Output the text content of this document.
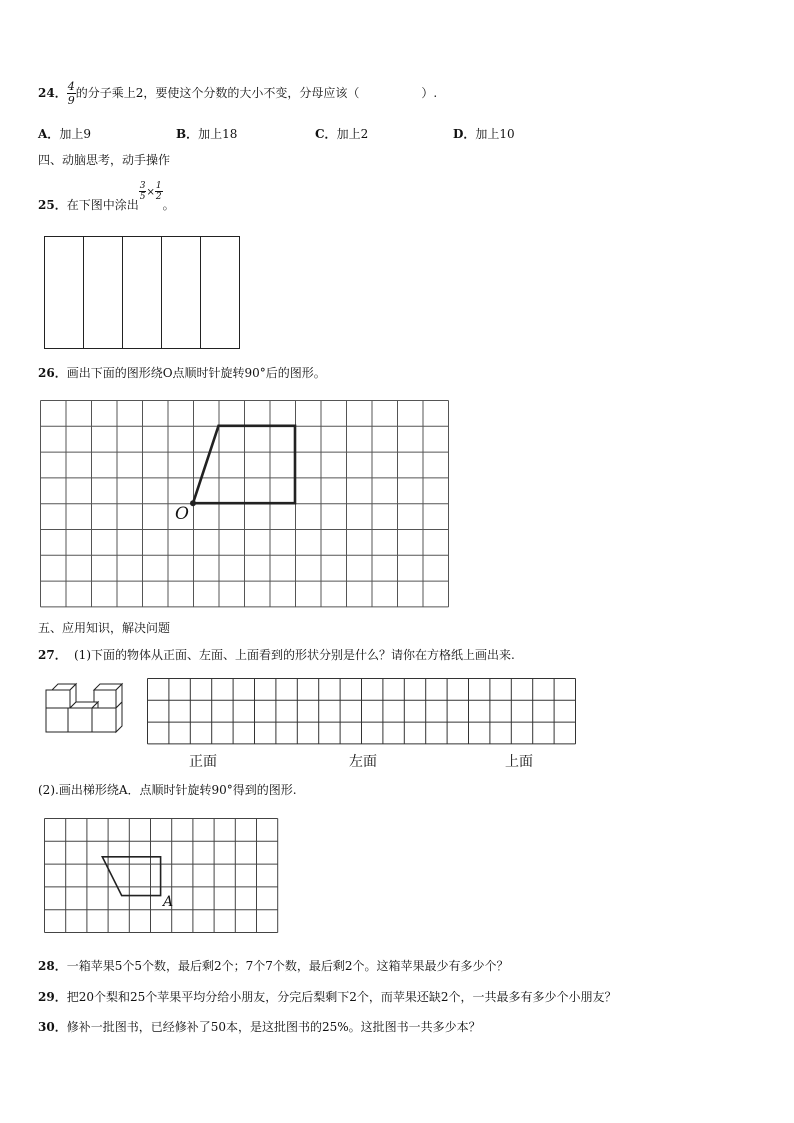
24． $\frac{4}{9}$ 的分子乘上2，要使这个分数的大小不变，分母应该（	）.
A．加上9	B．加上18	C．加上2	D．加上10
四、动脑思考，动手操作
25．在下图中涂出
$\frac{3}{5} \times \frac{1}{2}$
。
26．画出下面的图形绕O点顺时针旋转90°后的图形。
O
五、应用知识，解决问题
27． (1)下面的物体从正面、左面、上面看到的形状分别是什么？请你在方格纸上画出来.
正面	左面	上面
(2).画出梯形绕A．点顺时针旋转90°得到的图形.
A
28．一箱苹果5个5个数，最后剩2个；7个7个数，最后剩2个。这箱苹果最少有多少个？
29．把20个梨和25个苹果平均分给小朋友，分完后梨剩下2个，而苹果还缺2个，一共最多有多少个小朋友？
30．修补一批图书，已经修补了50本，是这批图书的25%。这批图书一共多少本？
